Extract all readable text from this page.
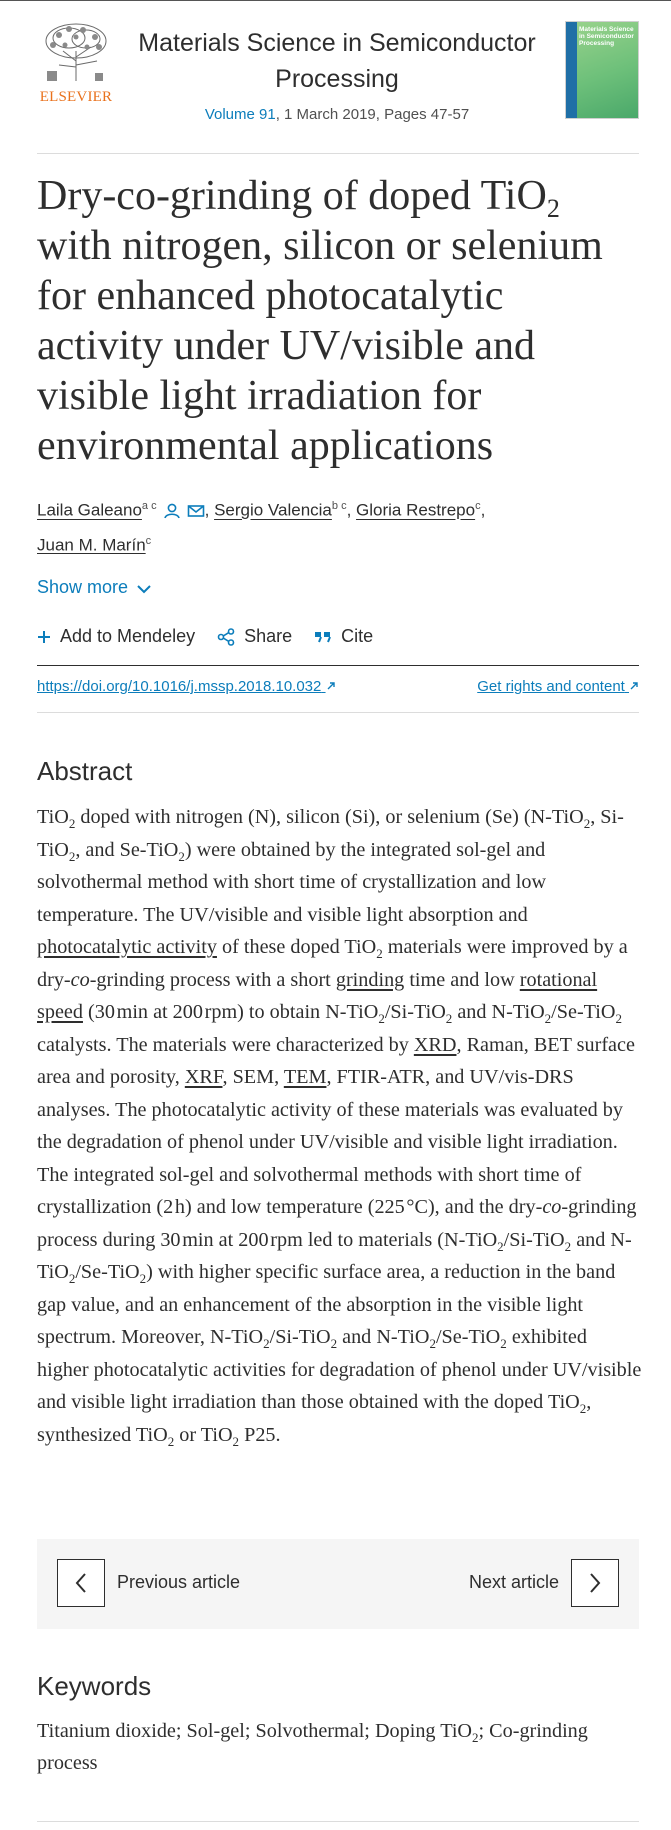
ELSEVIER
Materials Science in Semiconductor Processing
Volume 91, 1 March 2019, Pages 47-57
Materials Science in Semiconductor Processing
Dry-co-grinding of doped TiO$_2$ with nitrogen, silicon or selenium for enhanced photocatalytic activity under UV/visible and visible light irradiation for environmental applications
Laila Galeano$^{a c}$	, Sergio Valencia$^{b c}$, Gloria Restrepo$^c$,
Juan M. Marín$^c$
Show more
Add to Mendeley	Share	Cite
https://doi.org/10.1016/j.mssp.2018.10.032	Get rights and content
Abstract

TiO$_2$ doped with nitrogen (N), silicon (Si), or selenium (Se) (N-TiO$_2$, Si-TiO$_2$, and Se-TiO$_2$) were obtained by the integrated sol-gel and solvothermal method with short time of crystallization and low temperature. The UV/visible and visible light absorption and photocatalytic activity of these doped TiO$_2$ materials were improved by a dry-co-grinding process with a short grinding time and low rotational speed (30 min at 200 rpm) to obtain N-TiO$_2$/Si-TiO$_2$ and N-TiO$_2$/Se-TiO$_2$ catalysts. The materials were characterized by XRD, Raman, BET surface area and porosity, XRF, SEM, TEM, FTIR-ATR, and UV/vis-DRS analyses. The photocatalytic activity of these materials was evaluated by the degradation of phenol under UV/visible and visible light irradiation. The integrated sol-gel and solvothermal methods with short time of crystallization (2 h) and low temperature (225 °C), and the dry-co-grinding process during 30 min at 200 rpm led to materials (N-TiO$_2$/Si-TiO$_2$ and N-TiO$_2$/Se-TiO$_2$) with higher specific surface area, a reduction in the band gap value, and an enhancement of the absorption in the visible light spectrum. Moreover, N-TiO$_2$/Si-TiO$_2$ and N-TiO$_2$/Se-TiO$_2$ exhibited higher photocatalytic activities for degradation of phenol under UV/visible and visible light irradiation than those obtained with the doped TiO$_2$, synthesized TiO$_2$ or TiO$_2$ P25.

Previous article	Next article
Keywords

Titanium dioxide; Sol-gel; Solvothermal; Doping TiO$_2$; Co-grinding process
